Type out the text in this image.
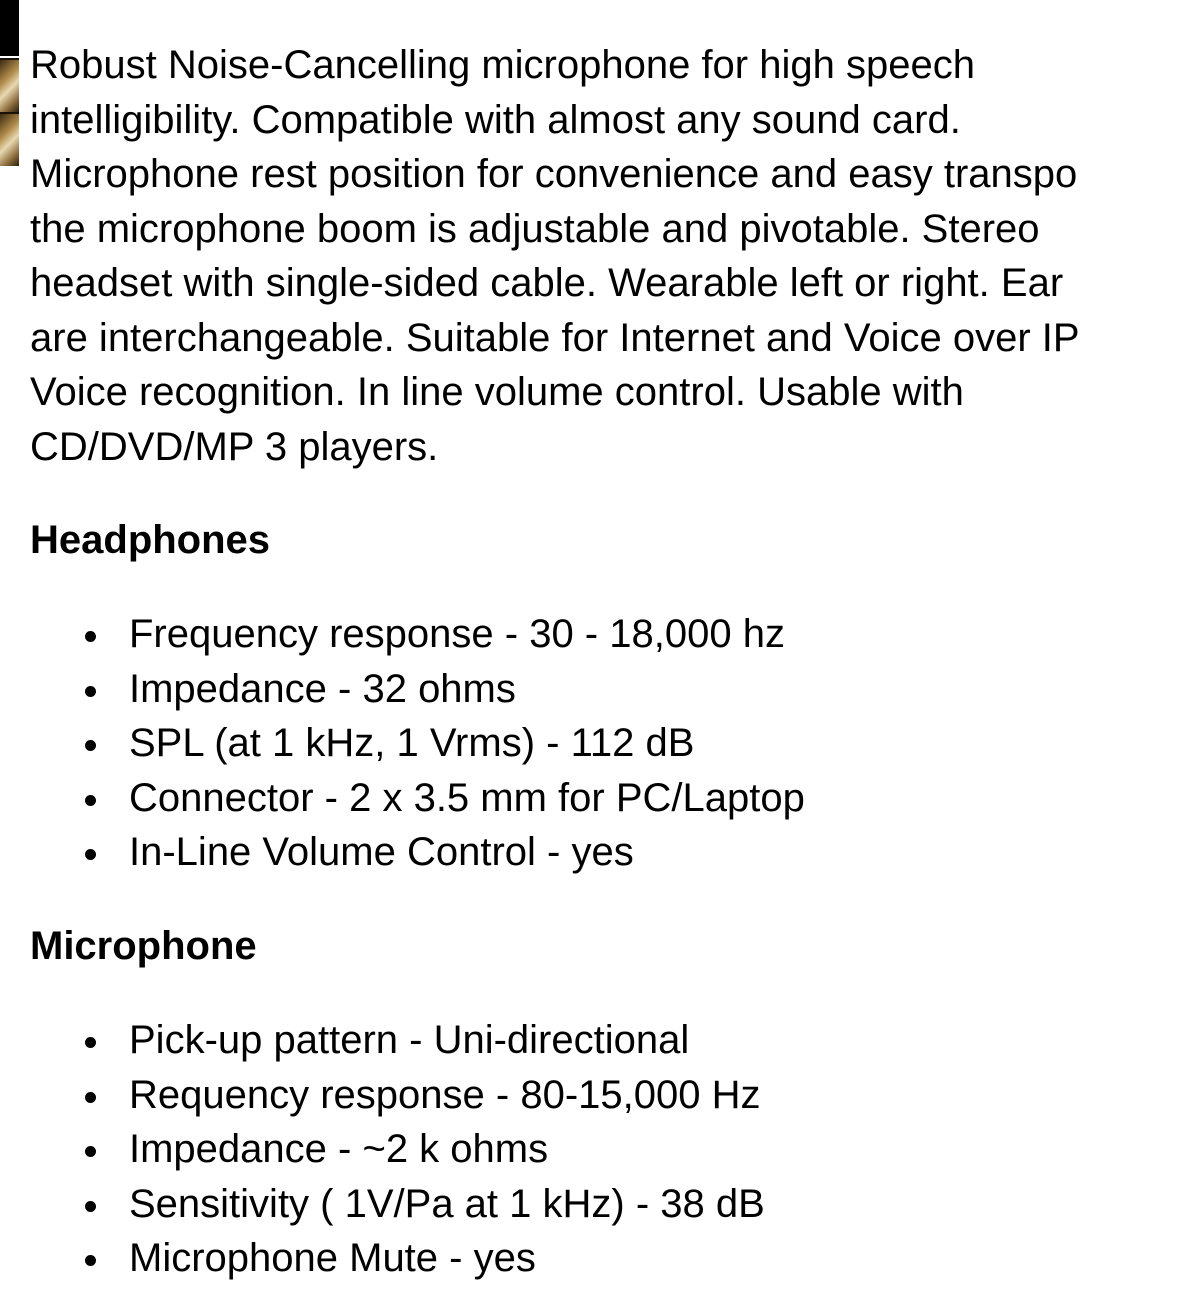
Robust Noise-Cancelling microphone for high speech
intelligibility. Compatible with almost any sound card.
Microphone rest position for convenience and easy transpo
the microphone boom is adjustable and pivotable. Stereo
headset with single-sided cable. Wearable left or right. Ear
are interchangeable. Suitable for Internet and Voice over IP
Voice recognition. In line volume control. Usable with
CD/DVD/MP 3 players.

Headphones
Frequency response - 30 - 18,000 hz
Impedance - 32 ohms
SPL (at 1 kHz, 1 Vrms) - 112 dB
Connector - 2 x 3.5 mm for PC/Laptop
In-Line Volume Control - yes
Microphone
Pick-up pattern - Uni-directional
Requency response - 80-15,000 Hz
Impedance - ~2 k ohms
Sensitivity ( 1V/Pa at 1 kHz) - 38 dB
Microphone Mute - yes
